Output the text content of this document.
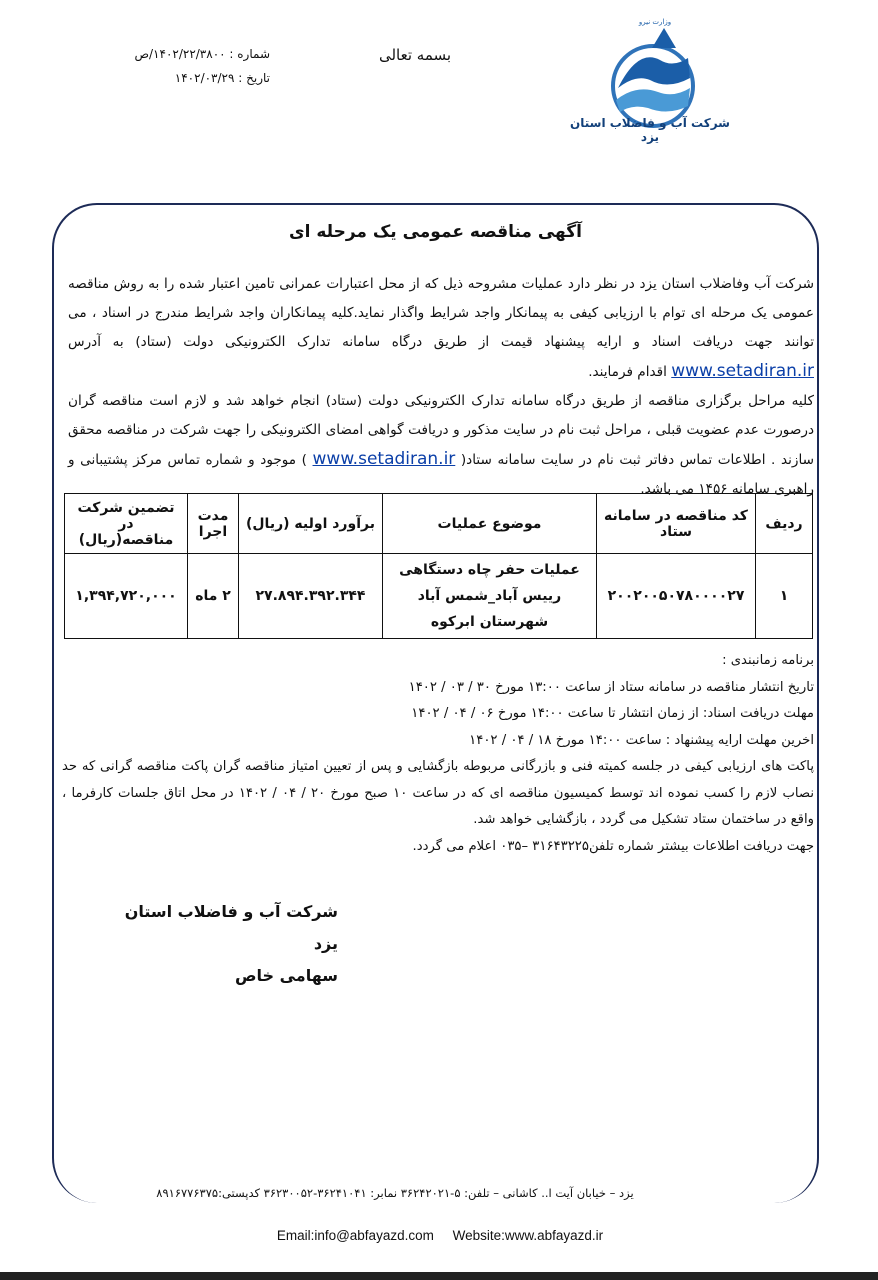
وزارت نیرو
شرکت آب و فاضلاب استان یزد
بسمه تعالی
شماره : ۱۴۰۲/۲۲/۳۸۰۰/ص
تاریخ : ۱۴۰۲/۰۳/۲۹
آگهی مناقصه عمومی یک مرحله ای
شرکت آب وفاضلاب استان یزد در نظر دارد عملیات مشروحه ذیل که از محل اعتبارات عمرانی تامین اعتبار شده را به روش مناقصه عمومی یک مرحله ای توام با ارزیابی کیفی به پیمانکار واجد شرایط واگذار نماید.کلیه پیمانکاران واجد شرایط مندرج در اسناد ، می توانند جهت دریافت اسناد و ارایه پیشنهاد قیمت از طریق درگاه سامانه تدارک الکترونیکی دولت (ستاد) به آدرس www.setadiran.ir اقدام فرمایند.
کلیه مراحل برگزاری مناقصه از طریق درگاه سامانه تدارک الکترونیکی دولت (ستاد) انجام خواهد شد و لازم است مناقصه گران درصورت عدم عضویت قبلی ، مراحل ثبت نام در سایت مذکور و دریافت گواهی امضای الکترونیکی را جهت شرکت در مناقصه محقق سازند . اطلاعات تماس دفاتر ثبت نام در سایت سامانه ستاد( www.setadiran.ir ) موجود و شماره تماس مرکز پشتیبانی و راهبری سامانه ۱۴۵۶ می باشد.
ردیف	کد مناقصه در سامانه ستاد	موضوع عملیات	برآورد اولیه (ریال)	مدت اجرا	تضمین شرکت در مناقصه(ریال)
۱	۲۰۰۲۰۰۵۰۷۸۰۰۰۰۲۷	عملیات حفر چاه دستگاهی رییس آباد_شمس آباد شهرستان ابرکوه	۲۷.۸۹۴.۳۹۲.۳۴۴	۲ ماه	۱,۳۹۴,۷۲۰,۰۰۰

برنامه زمانبندی :

تاریخ انتشار مناقصه در سامانه ستاد از ساعت ۱۳:۰۰ مورخ ۳۰ / ۰۳ / ۱۴۰۲

مهلت دریافت اسناد: از زمان انتشار تا ساعت ۱۴:۰۰ مورخ ۰۶ / ۰۴ / ۱۴۰۲

اخرین مهلت ارایه پیشنهاد : ساعت ۱۴:۰۰ مورخ ۱۸ / ۰۴ / ۱۴۰۲

پاکت های ارزیابی کیفی در جلسه کمیته فنی و بازرگانی مربوطه بازگشایی و پس از تعیین امتیاز مناقصه گران پاکت مناقصه گرانی که حد نصاب لازم را کسب نموده اند توسط کمیسیون مناقصه ای که در ساعت ۱۰ صبح مورخ ۲۰ / ۰۴ / ۱۴۰۲ در محل اتاق جلسات کارفرما ، واقع در ساختمان ستاد تشکیل می گردد ، بازگشایی خواهد شد.

جهت دریافت اطلاعات بیشتر شماره تلفن۳۱۶۴۳۲۲۵ –۰۳۵ اعلام می گردد.

شرکت آب و فاضلاب استان یزد
سهامی خاص
یزد – خیابان آیت ا.. کاشانی – تلفن: ۵-۳۶۲۴۲۰۲۱ نمابر: ۳۶۲۴۱۰۴۱-۳۶۲۳۰۰۵۲ کدپستی:۸۹۱۶۷۷۶۳۷۵
Email:info@abfayazd.com Website:www.abfayazd.ir
